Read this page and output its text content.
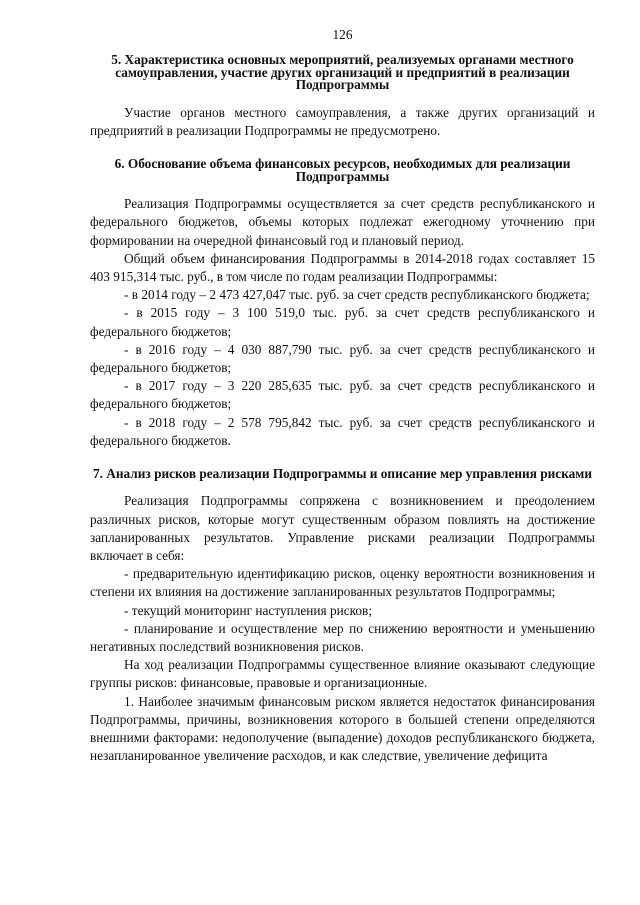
126
5. Характеристика основных мероприятий, реализуемых органами местного самоуправления, участие других организаций и предприятий в реализации Подпрограммы

Участие органов местного самоуправления, а также других организаций и предприятий в реализации Подпрограммы не предусмотрено.

6. Обоснование объема финансовых ресурсов, необходимых для реализации Подпрограммы

Реализация Подпрограммы осуществляется за счет средств республиканского и федерального бюджетов, объемы которых подлежат ежегодному уточнению при формировании на очередной финансовый год и плановый период.

Общий объем финансирования Подпрограммы в 2014-2018 годах составляет 15 403 915,314 тыс. руб., в том числе по годам реализации Подпрограммы:

- в 2014 году – 2 473 427,047 тыс. руб. за счет средств республиканского бюджета;

- в 2015 году – 3 100 519,0 тыс. руб. за счет средств республиканского и федерального бюджетов;

- в 2016 году – 4 030 887,790 тыс. руб. за счет средств республиканского и федерального бюджетов;

- в 2017 году – 3 220 285,635 тыс. руб. за счет средств республиканского и федерального бюджетов;

- в 2018 году – 2 578 795,842 тыс. руб. за счет средств республиканского и федерального бюджетов.

7. Анализ рисков реализации Подпрограммы и описание мер управления рисками

Реализация Подпрограммы сопряжена с возникновением и преодолением различных рисков, которые могут существенным образом повлиять на достижение запланированных результатов. Управление рисками реализации Подпрограммы включает в себя:

- предварительную идентификацию рисков, оценку вероятности возникновения и степени их влияния на достижение запланированных результатов Подпрограммы;

- текущий мониторинг наступления рисков;

- планирование и осуществление мер по снижению вероятности и уменьшению негативных последствий возникновения рисков.

На ход реализации Подпрограммы существенное влияние оказывают следующие группы рисков: финансовые, правовые и организационные.

1. Наиболее значимым финансовым риском является недостаток финансирования Подпрограммы, причины, возникновения которого в большей степени определяются внешними факторами: недополучение (выпадение) доходов республиканского бюджета, незапланированное увеличение расходов, и как следствие, увеличение дефицита
